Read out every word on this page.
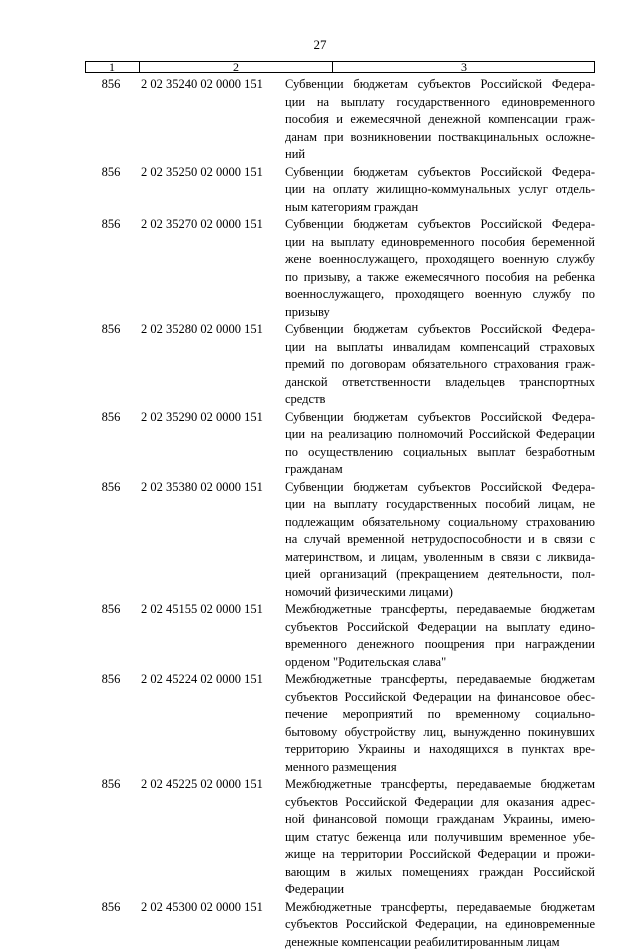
27
1	2	3
856	2 02 35240 02 0000 151	Субвенции бюджетам субъектов Российской Федера-
ции на выплату государственного единовременного
пособия и ежемесячной денежной компенсации граж-
данам при возникновении поствакцинальных осложне-
ний
856	2 02 35250 02 0000 151	Субвенции бюджетам субъектов Российской Федера-
ции на оплату жилищно-коммунальных услуг отдель-
ным категориям граждан
856	2 02 35270 02 0000 151	Субвенции бюджетам субъектов Российской Федера-
ции на выплату единовременного пособия беременной
жене военнослужащего, проходящего военную службу
по призыву, а также ежемесячного пособия на ребенка
военнослужащего, проходящего военную службу по
призыву
856	2 02 35280 02 0000 151	Субвенции бюджетам субъектов Российской Федера-
ции на выплаты инвалидам компенсаций страховых
премий по договорам обязательного страхования граж-
данской ответственности владельцев транспортных
средств
856	2 02 35290 02 0000 151	Субвенции бюджетам субъектов Российской Федера-
ции на реализацию полномочий Российской Федерации
по осуществлению социальных выплат безработным
гражданам
856	2 02 35380 02 0000 151	Субвенции бюджетам субъектов Российской Федера-
ции на выплату государственных пособий лицам, не
подлежащим обязательному социальному страхованию
на случай временной нетрудоспособности и в связи с
материнством, и лицам, уволенным в связи с ликвида-
цией организаций (прекращением деятельности, пол-
номочий физическими лицами)
856	2 02 45155 02 0000 151	Межбюджетные трансферты, передаваемые бюджетам
субъектов Российской Федерации на выплату едино-
временного денежного поощрения при награждении
орденом "Родительская слава"
856	2 02 45224 02 0000 151	Межбюджетные трансферты, передаваемые бюджетам
субъектов Российской Федерации на финансовое обес-
печение мероприятий по временному социально-
бытовому обустройству лиц, вынужденно покинувших
территорию Украины и находящихся в пунктах вре-
менного размещения
856	2 02 45225 02 0000 151	Межбюджетные трансферты, передаваемые бюджетам
субъектов Российской Федерации для оказания адрес-
ной финансовой помощи гражданам Украины, имею-
щим статус беженца или получившим временное убе-
жище на территории Российской Федерации и прожи-
вающим в жилых помещениях граждан Российской
Федерации
856	2 02 45300 02 0000 151	Межбюджетные трансферты, передаваемые бюджетам
субъектов Российской Федерации, на единовременные
денежные компенсации реабилитированным лицам
